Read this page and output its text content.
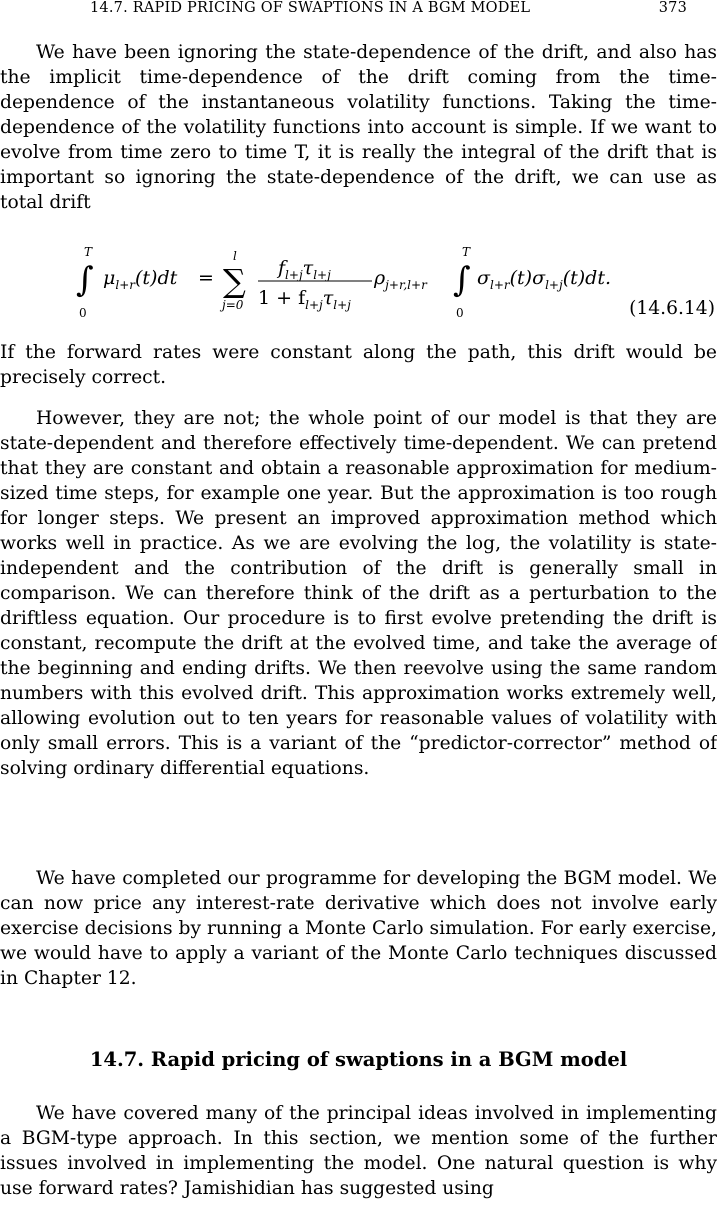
14.7. RAPID PRICING OF SWAPTIONS IN A BGM MODEL	373

We have been ignoring the state-dependence of the drift, and also has the implicit time-dependence of the drift coming from the time-dependence of the instantaneous volatility functions. Taking the time-dependence of the volatility functions into account is simple. If we want to evolve from time zero to time T, it is really the integral of the drift that is important so ignoring the state-dependence of the drift, we can use as total drift

T
∫
0
$\mu_{l+r}(t)dt$ =
l
∑
j=0
$f_{l+j}\tau_{l+j}$
$1 + f_{l+j}\tau_{l+j}$
$\rho_{j+r,l+r}$
T
∫
0
$\sigma_{l+r}(t)\sigma_{l+j}(t)dt$.
(14.6.14)

If the forward rates were constant along the path, this drift would be precisely correct.

However, they are not; the whole point of our model is that they are state-dependent and therefore effectively time-dependent. We can pretend that they are constant and obtain a reasonable approximation for medium-sized time steps, for example one year. But the approximation is too rough for longer steps. We present an improved approximation method which works well in practice. As we are evolving the log, the volatility is state-independent and the contribution of the drift is generally small in comparison. We can therefore think of the drift as a perturbation to the driftless equation. Our procedure is to first evolve pretending the drift is constant, recompute the drift at the evolved time, and take the average of the beginning and ending drifts. We then reevolve using the same random numbers with this evolved drift. This approximation works extremely well, allowing evolution out to ten years for reasonable values of volatility with only small errors. This is a variant of the “predictor-corrector” method of solving ordinary differential equations.

We have completed our programme for developing the BGM model. We can now price any interest-rate derivative which does not involve early exercise decisions by running a Monte Carlo simulation. For early exercise, we would have to apply a variant of the Monte Carlo techniques discussed in Chapter 12.

14.7. Rapid pricing of swaptions in a BGM model

We have covered many of the principal ideas involved in implementing a BGM-type approach. In this section, we mention some of the further issues involved in implementing the model. One natural question is why use forward rates? Jamishidian has suggested using
